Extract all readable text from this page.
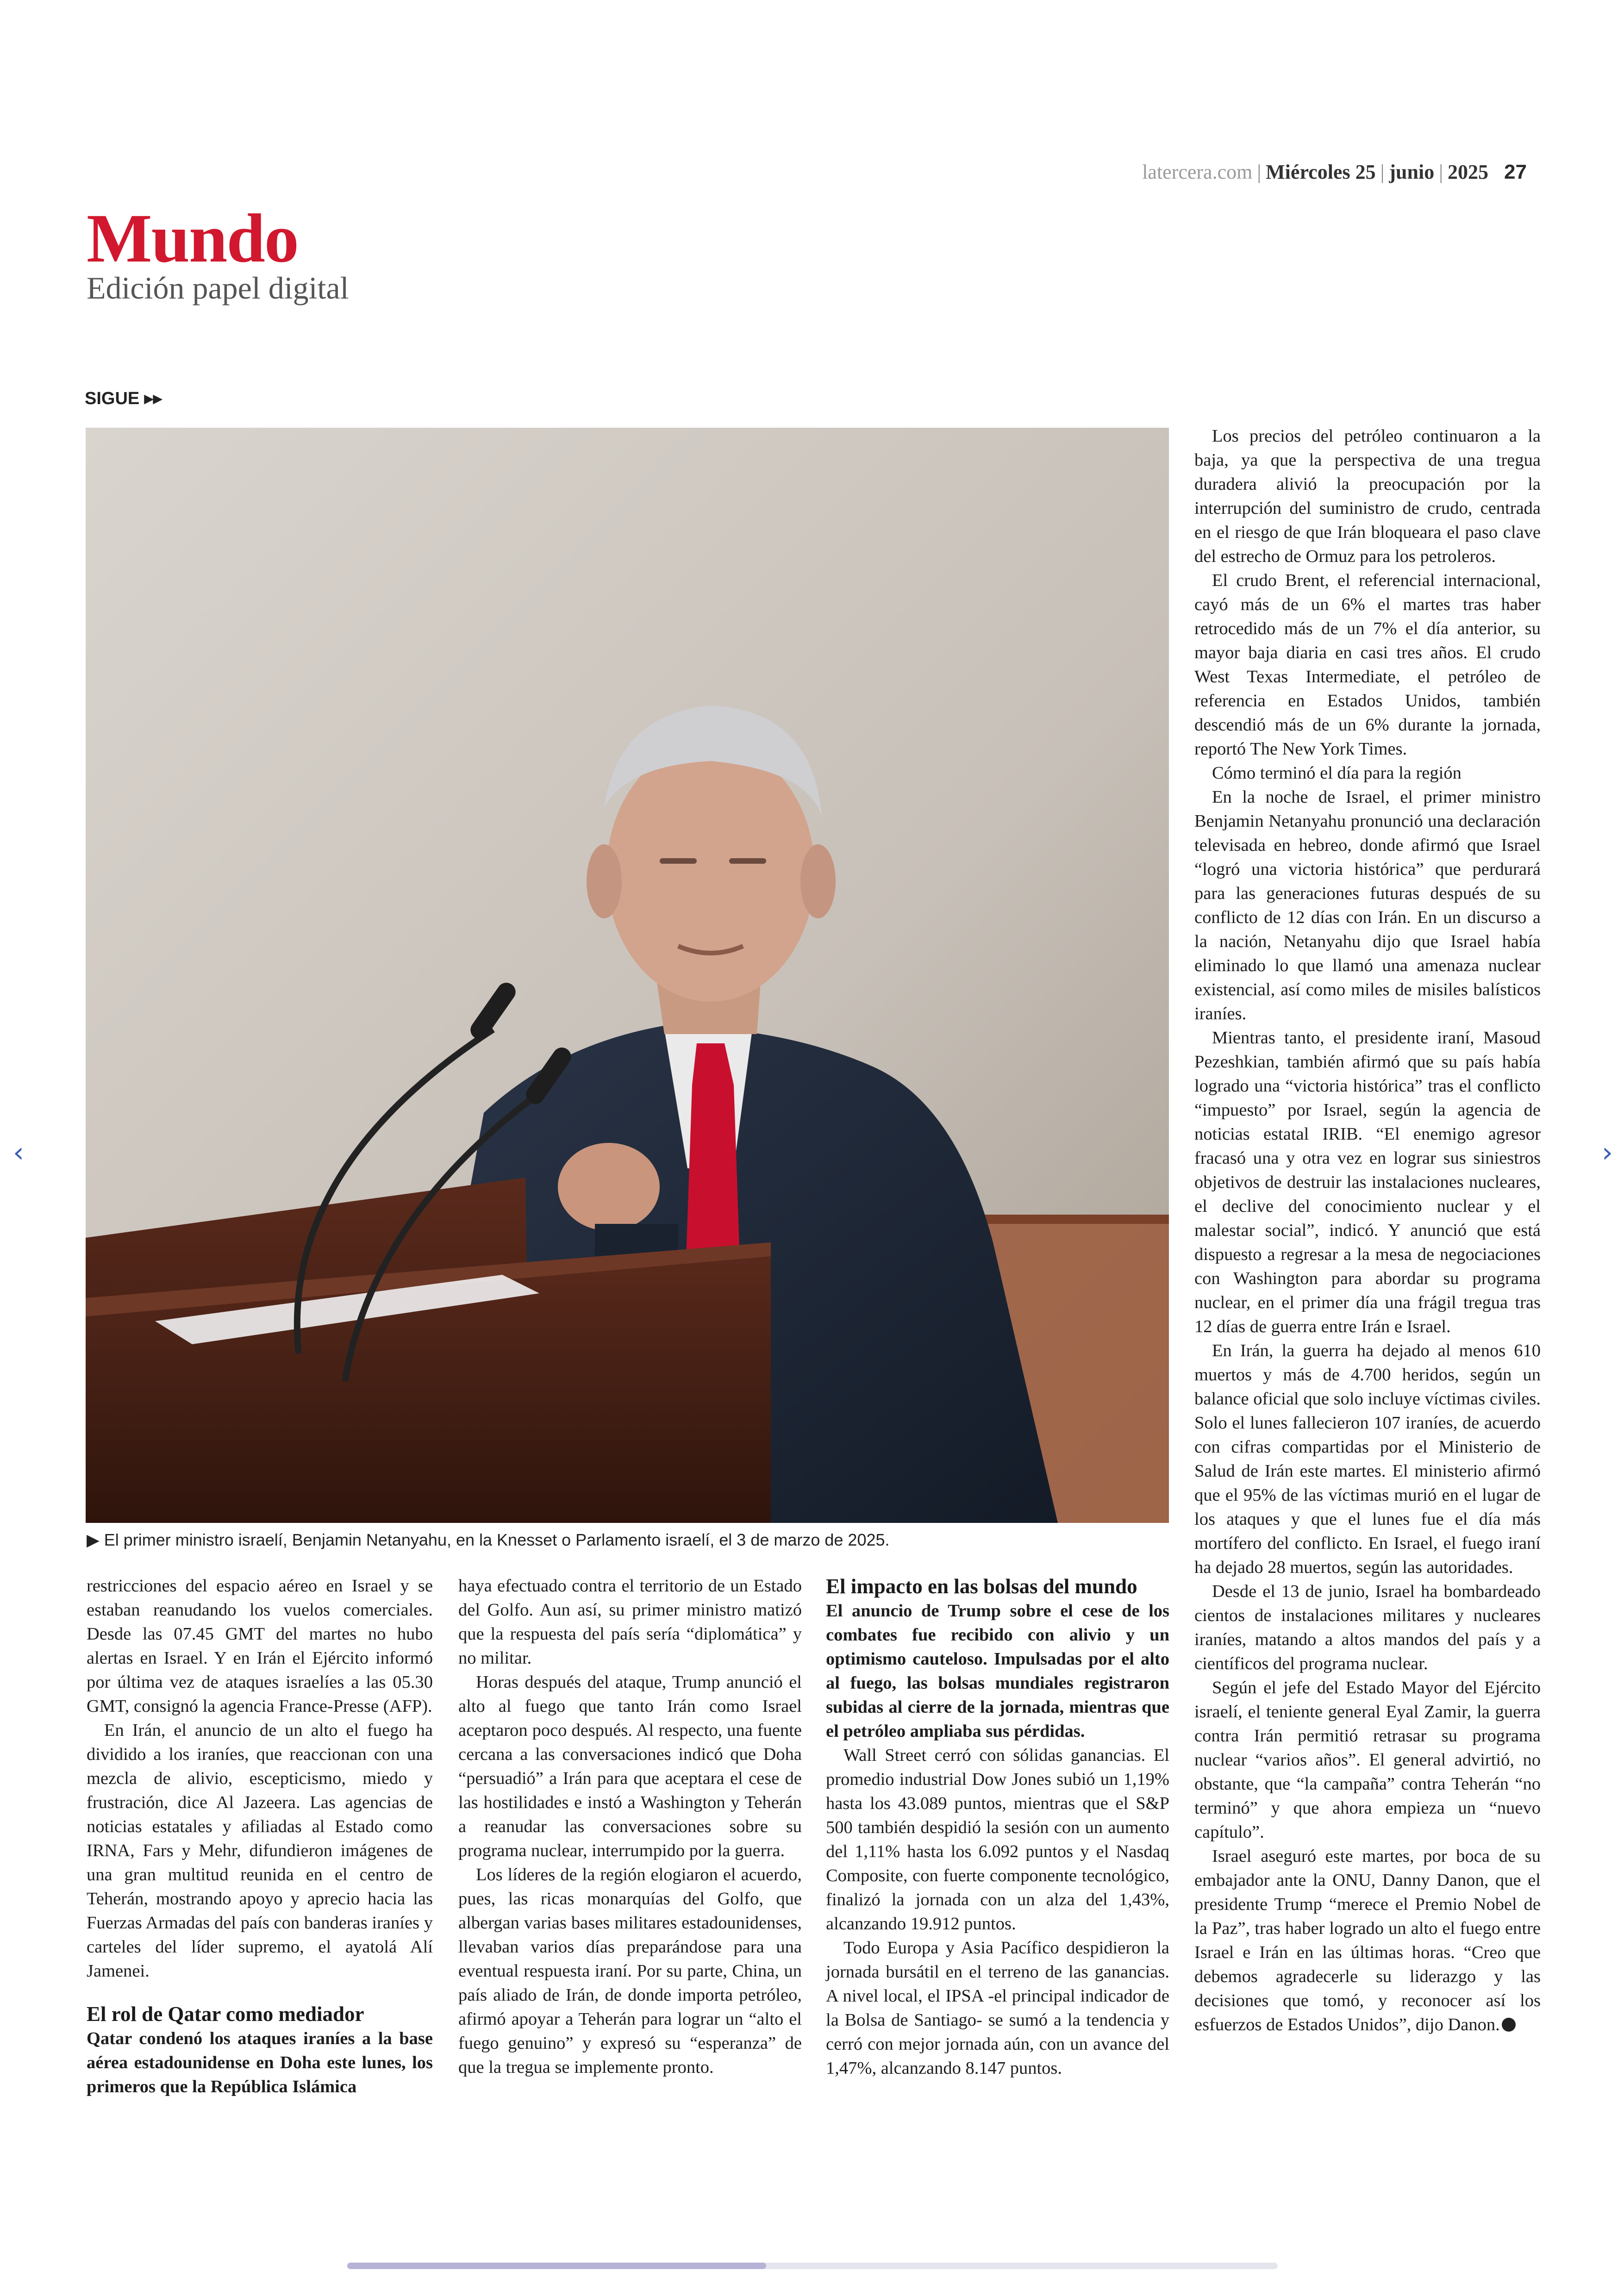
latercera.com | Miércoles 25 | junio | 2025 27
Mundo
Edición papel digital
SIGUE ▸▸
▶ El primer ministro israelí, Benjamin Netanyahu, en la Knesset o Parlamento israelí, el 3 de marzo de 2025.

restricciones del espacio aéreo en Israel y se estaban reanudando los vuelos comerciales. Desde las 07.45 GMT del martes no hubo alertas en Israel. Y en Irán el Ejército informó por última vez de ataques israelíes a las 05.30 GMT, consignó la agencia France-Presse (AFP).

En Irán, el anuncio de un alto el fuego ha dividido a los iraníes, que reaccionan con una mezcla de alivio, escepticismo, miedo y frustración, dice Al Jazeera. Las agencias de noticias estatales y afiliadas al Estado como IRNA, Fars y Mehr, difundieron imágenes de una gran multitud reunida en el centro de Teherán, mostrando apoyo y aprecio hacia las Fuerzas Armadas del país con banderas iraníes y carteles del líder supremo, el ayatolá Alí Jamenei.

El rol de Qatar como mediador

Qatar condenó los ataques iraníes a la base aérea estadounidense en Doha este lunes, los primeros que la República Islámica

haya efectuado contra el territorio de un Estado del Golfo. Aun así, su primer ministro matizó que la respuesta del país sería “diplomática” y no militar.

Horas después del ataque, Trump anunció el alto al fuego que tanto Irán como Israel aceptaron poco después. Al respecto, una fuente cercana a las conversaciones indicó que Doha “persuadió” a Irán para que aceptara el cese de las hostilidades e instó a Washington y Teherán a reanudar las conversaciones sobre su programa nuclear, interrumpido por la guerra.

Los líderes de la región elogiaron el acuerdo, pues, las ricas monarquías del Golfo, que albergan varias bases militares estadounidenses, llevaban varios días preparándose para una eventual respuesta iraní. Por su parte, China, un país aliado de Irán, de donde importa petróleo, afirmó apoyar a Teherán para lograr un “alto el fuego genuino” y expresó su “esperanza” de que la tregua se implemente pronto.

El impacto en las bolsas del mundo

El anuncio de Trump sobre el cese de los combates fue recibido con alivio y un optimismo cauteloso. Impulsadas por el alto al fuego, las bolsas mundiales registraron subidas al cierre de la jornada, mientras que el petróleo ampliaba sus pérdidas.

Wall Street cerró con sólidas ganancias. El promedio industrial Dow Jones subió un 1,19% hasta los 43.089 puntos, mientras que el S&P 500 también despidió la sesión con un aumento del 1,11% hasta los 6.092 puntos y el Nasdaq Composite, con fuerte componente tecnológico, finalizó la jornada con un alza del 1,43%, alcanzando 19.912 puntos.

Todo Europa y Asia Pacífico despidieron la jornada bursátil en el terreno de las ganancias. A nivel local, el IPSA -el principal indicador de la Bolsa de Santiago- se sumó a la tendencia y cerró con mejor jornada aún, con un avance del 1,47%, alcanzando 8.147 puntos.

Los precios del petróleo continuaron a la baja, ya que la perspectiva de una tregua duradera alivió la preocupación por la interrupción del suministro de crudo, centrada en el riesgo de que Irán bloqueara el paso clave del estrecho de Ormuz para los petroleros.

El crudo Brent, el referencial internacional, cayó más de un 6% el martes tras haber retrocedido más de un 7% el día anterior, su mayor baja diaria en casi tres años. El crudo West Texas Intermediate, el petróleo de referencia en Estados Unidos, también descendió más de un 6% durante la jornada, reportó The New York Times.

Cómo terminó el día para la región

En la noche de Israel, el primer ministro Benjamin Netanyahu pronunció una declaración televisada en hebreo, donde afirmó que Israel “logró una victoria histórica” que perdurará para las generaciones futuras después de su conflicto de 12 días con Irán. En un discurso a la nación, Netanyahu dijo que Israel había eliminado lo que llamó una amenaza nuclear existencial, así como miles de misiles balísticos iraníes.

Mientras tanto, el presidente iraní, Masoud Pezeshkian, también afirmó que su país había logrado una “victoria histórica” tras el conflicto “impuesto” por Israel, según la agencia de noticias estatal IRIB. “El enemigo agresor fracasó una y otra vez en lograr sus siniestros objetivos de destruir las instalaciones nucleares, el declive del conocimiento nuclear y el malestar social”, indicó. Y anunció que está dispuesto a regresar a la mesa de negociaciones con Washington para abordar su programa nuclear, en el primer día una frágil tregua tras 12 días de guerra entre Irán e Israel.

En Irán, la guerra ha dejado al menos 610 muertos y más de 4.700 heridos, según un balance oficial que solo incluye víctimas civiles. Solo el lunes fallecieron 107 iraníes, de acuerdo con cifras compartidas por el Ministerio de Salud de Irán este martes. El ministerio afirmó que el 95% de las víctimas murió en el lugar de los ataques y que el lunes fue el día más mortífero del conflicto. En Israel, el fuego iraní ha dejado 28 muertos, según las autoridades.

Desde el 13 de junio, Israel ha bombardeado cientos de instalaciones militares y nucleares iraníes, matando a altos mandos del país y a científicos del programa nuclear.

Según el jefe del Estado Mayor del Ejército israelí, el teniente general Eyal Zamir, la guerra contra Irán permitió retrasar su programa nuclear “varios años”. El general advirtió, no obstante, que “la campaña” contra Teherán “no terminó” y que ahora empieza un “nuevo capítulo”.

Israel aseguró este martes, por boca de su embajador ante la ONU, Danny Danon, que el presidente Trump “merece el Premio Nobel de la Paz”, tras haber logrado un alto el fuego entre Israel e Irán en las últimas horas. “Creo que debemos agradecerle su liderazgo y las decisiones que tomó, y reconocer así los esfuerzos de Estados Unidos”, dijo Danon.

‹	›
